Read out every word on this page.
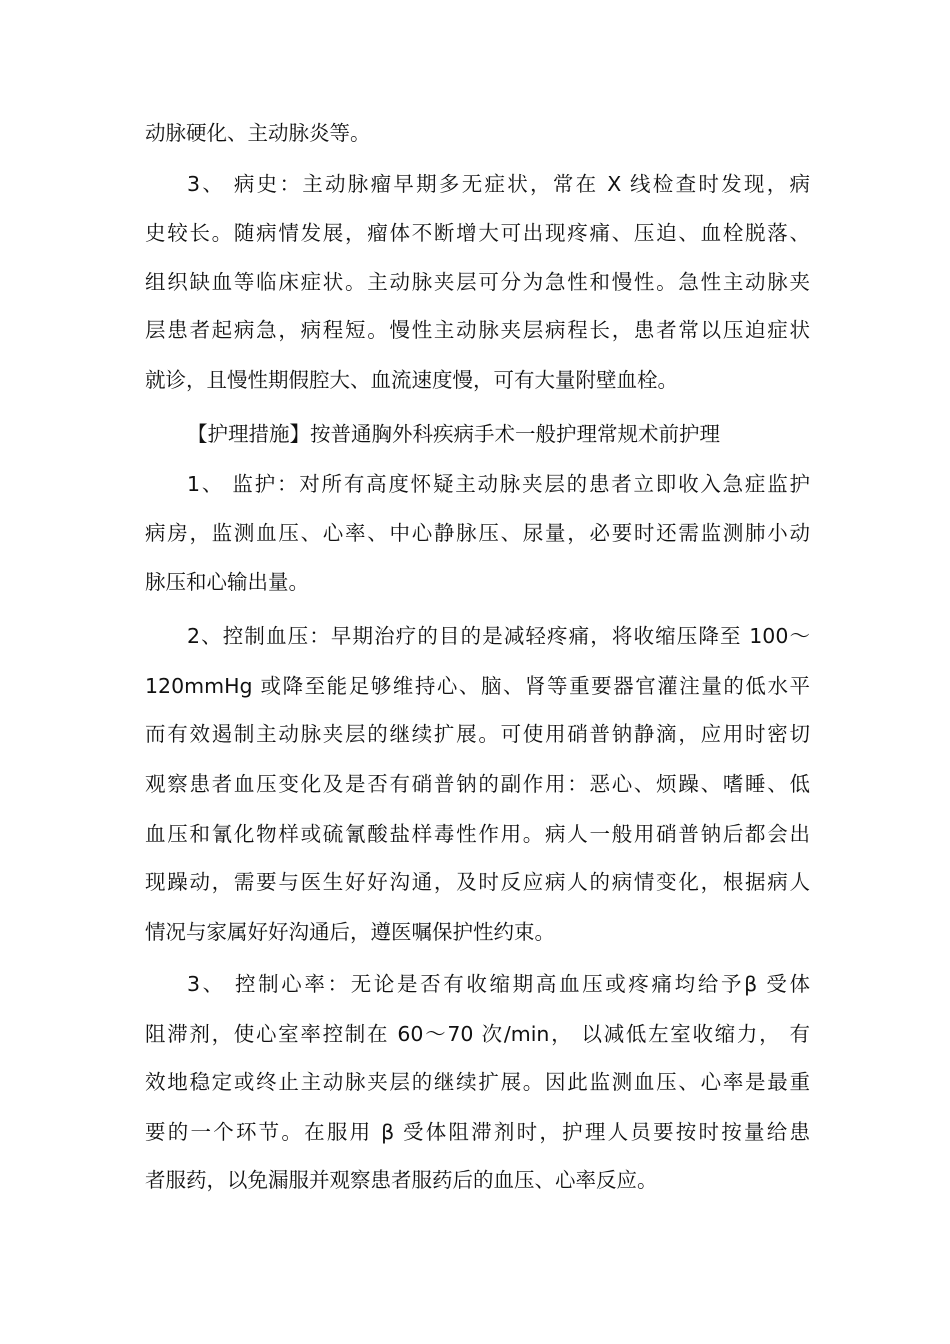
动脉硬化、主动脉炎等。
3、 病史：主动脉瘤早期多无症状，常在 X 线检查时发现，病
史较长。随病情发展，瘤体不断增大可出现疼痛、压迫、血栓脱落、
组织缺血等临床症状。主动脉夹层可分为急性和慢性。急性主动脉夹
层患者起病急，病程短。慢性主动脉夹层病程长，患者常以压迫症状
就诊，且慢性期假腔大、血流速度慢，可有大量附壁血栓。
【护理措施】按普通胸外科疾病手术一般护理常规术前护理
1、 监护：对所有高度怀疑主动脉夹层的患者立即收入急症监护
病房，监测血压、心率、中心静脉压、尿量，必要时还需监测肺小动
脉压和心输出量。
2、控制血压：早期治疗的目的是减轻疼痛，将收缩压降至 100～
120mmHg 或降至能足够维持心、脑、肾等重要器官灌注量的低水平
而有效遏制主动脉夹层的继续扩展。可使用硝普钠静滴，应用时密切
观察患者血压变化及是否有硝普钠的副作用：恶心、烦躁、嗜睡、低
血压和氰化物样或硫氰酸盐样毒性作用。病人一般用硝普钠后都会出
现躁动，需要与医生好好沟通，及时反应病人的病情变化，根据病人
情况与家属好好沟通后，遵医嘱保护性约束。
3、 控制心率：无论是否有收缩期高血压或疼痛均给予β 受体
阻滞剂，使心室率控制在 60～70 次/min， 以减低左室收缩力， 有
效地稳定或终止主动脉夹层的继续扩展。因此监测血压、心率是最重
要的一个环节。在服用 β 受体阻滞剂时，护理人员要按时按量给患
者服药，以免漏服并观察患者服药后的血压、心率反应。
